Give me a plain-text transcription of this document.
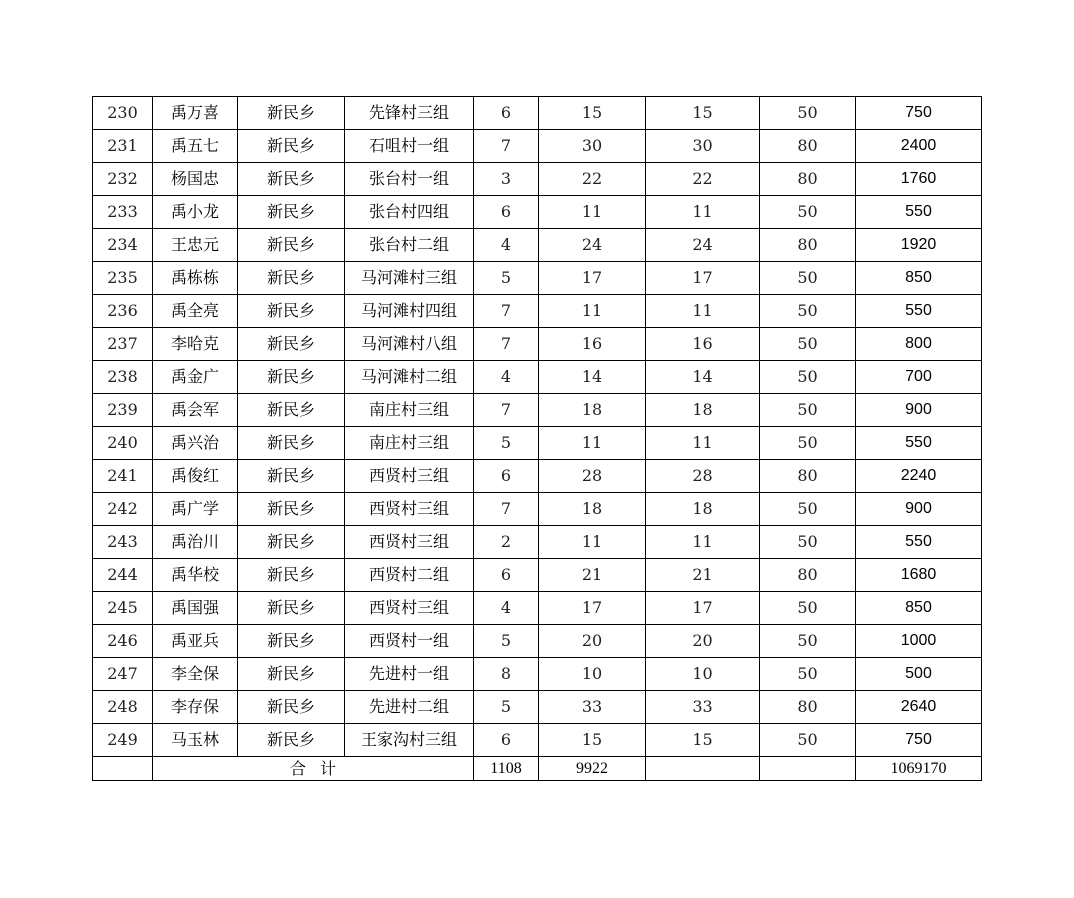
230	禹万喜	新民乡	先锋村三组	6	15	15	50	750
231	禹五七	新民乡	石咀村一组	7	30	30	80	2400
232	杨国忠	新民乡	张台村一组	3	22	22	80	1760
233	禹小龙	新民乡	张台村四组	6	11	11	50	550
234	王忠元	新民乡	张台村二组	4	24	24	80	1920
235	禹栋栋	新民乡	马河滩村三组	5	17	17	50	850
236	禹全亮	新民乡	马河滩村四组	7	11	11	50	550
237	李哈克	新民乡	马河滩村八组	7	16	16	50	800
238	禹金广	新民乡	马河滩村二组	4	14	14	50	700
239	禹会军	新民乡	南庄村三组	7	18	18	50	900
240	禹兴治	新民乡	南庄村三组	5	11	11	50	550
241	禹俊红	新民乡	西贤村三组	6	28	28	80	2240
242	禹广学	新民乡	西贤村三组	7	18	18	50	900
243	禹治川	新民乡	西贤村三组	2	11	11	50	550
244	禹华校	新民乡	西贤村二组	6	21	21	80	1680
245	禹国强	新民乡	西贤村三组	4	17	17	50	850
246	禹亚兵	新民乡	西贤村一组	5	20	20	50	1000
247	李全保	新民乡	先进村一组	8	10	10	50	500
248	李存保	新民乡	先进村二组	5	33	33	80	2640
249	马玉林	新民乡	王家沟村三组	6	15	15	50	750
	合计			1108	9922			1069170
